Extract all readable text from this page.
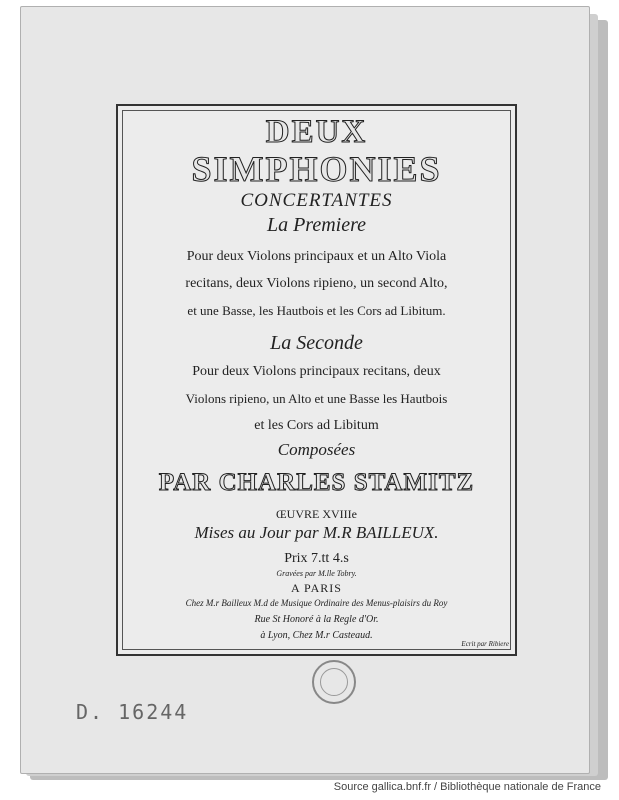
DEUX
SIMPHONIES
CONCERTANTES
La Premiere
Pour deux Violons principaux et un Alto Viola
recitans, deux Violons ripieno, un second Alto,
et une Basse, les Hautbois et les Cors ad Libitum.
La Seconde
Pour deux Violons principaux recitans, deux
Violons ripieno, un Alto et une Basse les Hautbois
et les Cors ad Libitum
Composées
PAR CHARLES STAMITZ
ŒUVRE XVIIIe
Mises au Jour par M.R BAILLEUX.
Prix 7.tt 4.s
Gravées par M.lle Tobry.
A PARIS
Chez M.r Bailleux M.d de Musique Ordinaire des Menus-plaisirs du Roy
Rue St Honoré à la Regle d'Or.
à Lyon, Chez M.r Casteaud.
Ecrit par Ribiere
D. 16244
Source gallica.bnf.fr / Bibliothèque nationale de France
